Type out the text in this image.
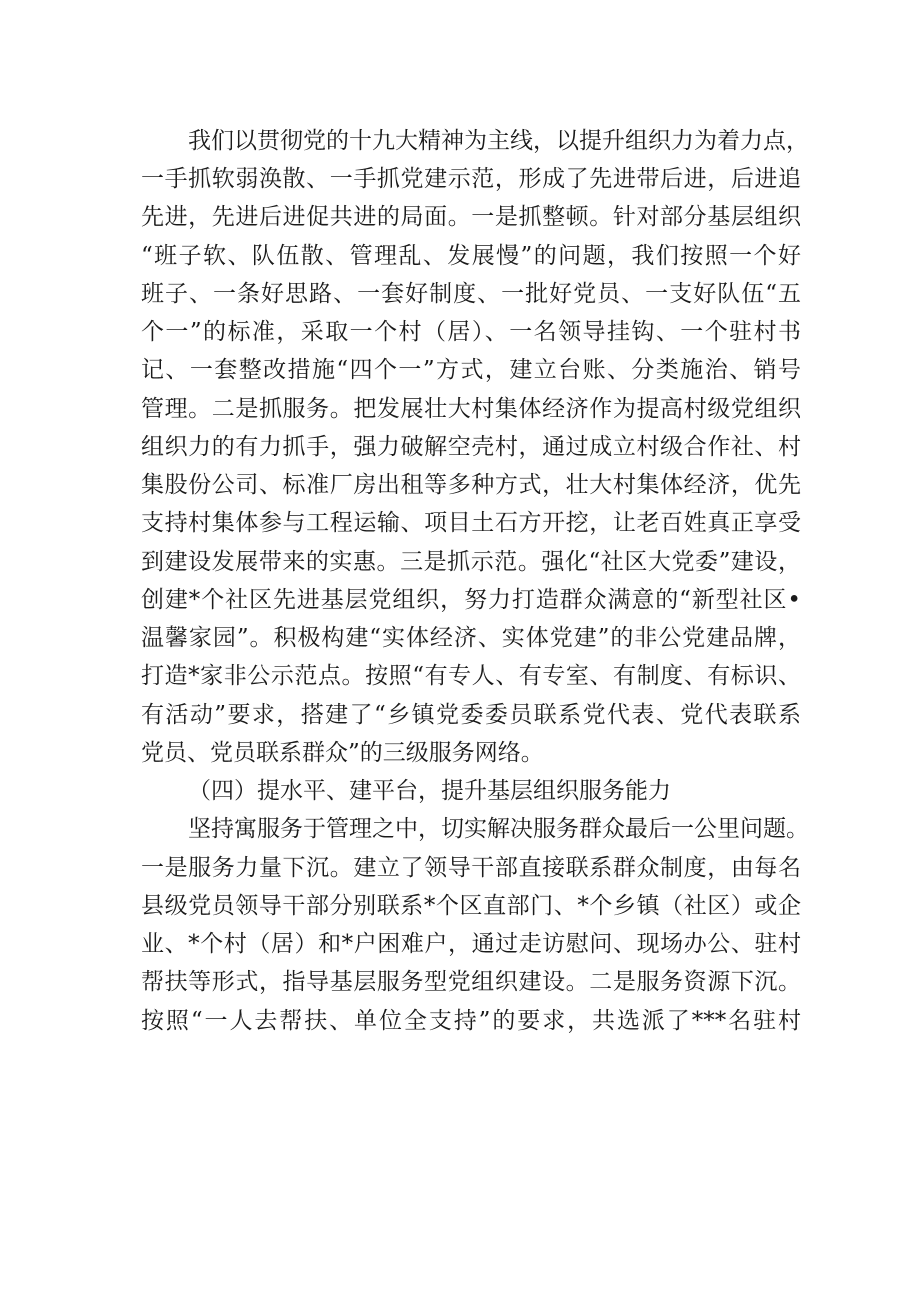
我们以贯彻党的十九大精神为主线，以提升组织力为着力点，
一手抓软弱涣散、一手抓党建示范，形成了先进带后进，后进追
先进，先进后进促共进的局面。一是抓整顿。针对部分基层组织
“班子软、队伍散、管理乱、发展慢”的问题，我们按照一个好
班子、一条好思路、一套好制度、一批好党员、一支好队伍“五
个一”的标准，采取一个村（居）、一名领导挂钩、一个驻村书
记、一套整改措施“四个一”方式，建立台账、分类施治、销号
管理。二是抓服务。把发展壮大村集体经济作为提高村级党组织
组织力的有力抓手，强力破解空壳村，通过成立村级合作社、村
集股份公司、标准厂房出租等多种方式，壮大村集体经济，优先
支持村集体参与工程运输、项目土石方开挖，让老百姓真正享受
到建设发展带来的实惠。三是抓示范。强化“社区大党委”建设，
创建*个社区先进基层党组织，努力打造群众满意的“新型社区•
温馨家园”。积极构建“实体经济、实体党建”的非公党建品牌，
打造*家非公示范点。按照“有专人、有专室、有制度、有标识、
有活动”要求，搭建了“乡镇党委委员联系党代表、党代表联系
党员、党员联系群众”的三级服务网络。
（四）提水平、建平台，提升基层组织服务能力
坚持寓服务于管理之中，切实解决服务群众最后一公里问题。
一是服务力量下沉。建立了领导干部直接联系群众制度，由每名
县级党员领导干部分别联系*个区直部门、*个乡镇（社区）或企
业、*个村（居）和*户困难户，通过走访慰问、现场办公、驻村
帮扶等形式，指导基层服务型党组织建设。二是服务资源下沉。
按照“一人去帮扶、单位全支持”的要求，共选派了***名驻村
